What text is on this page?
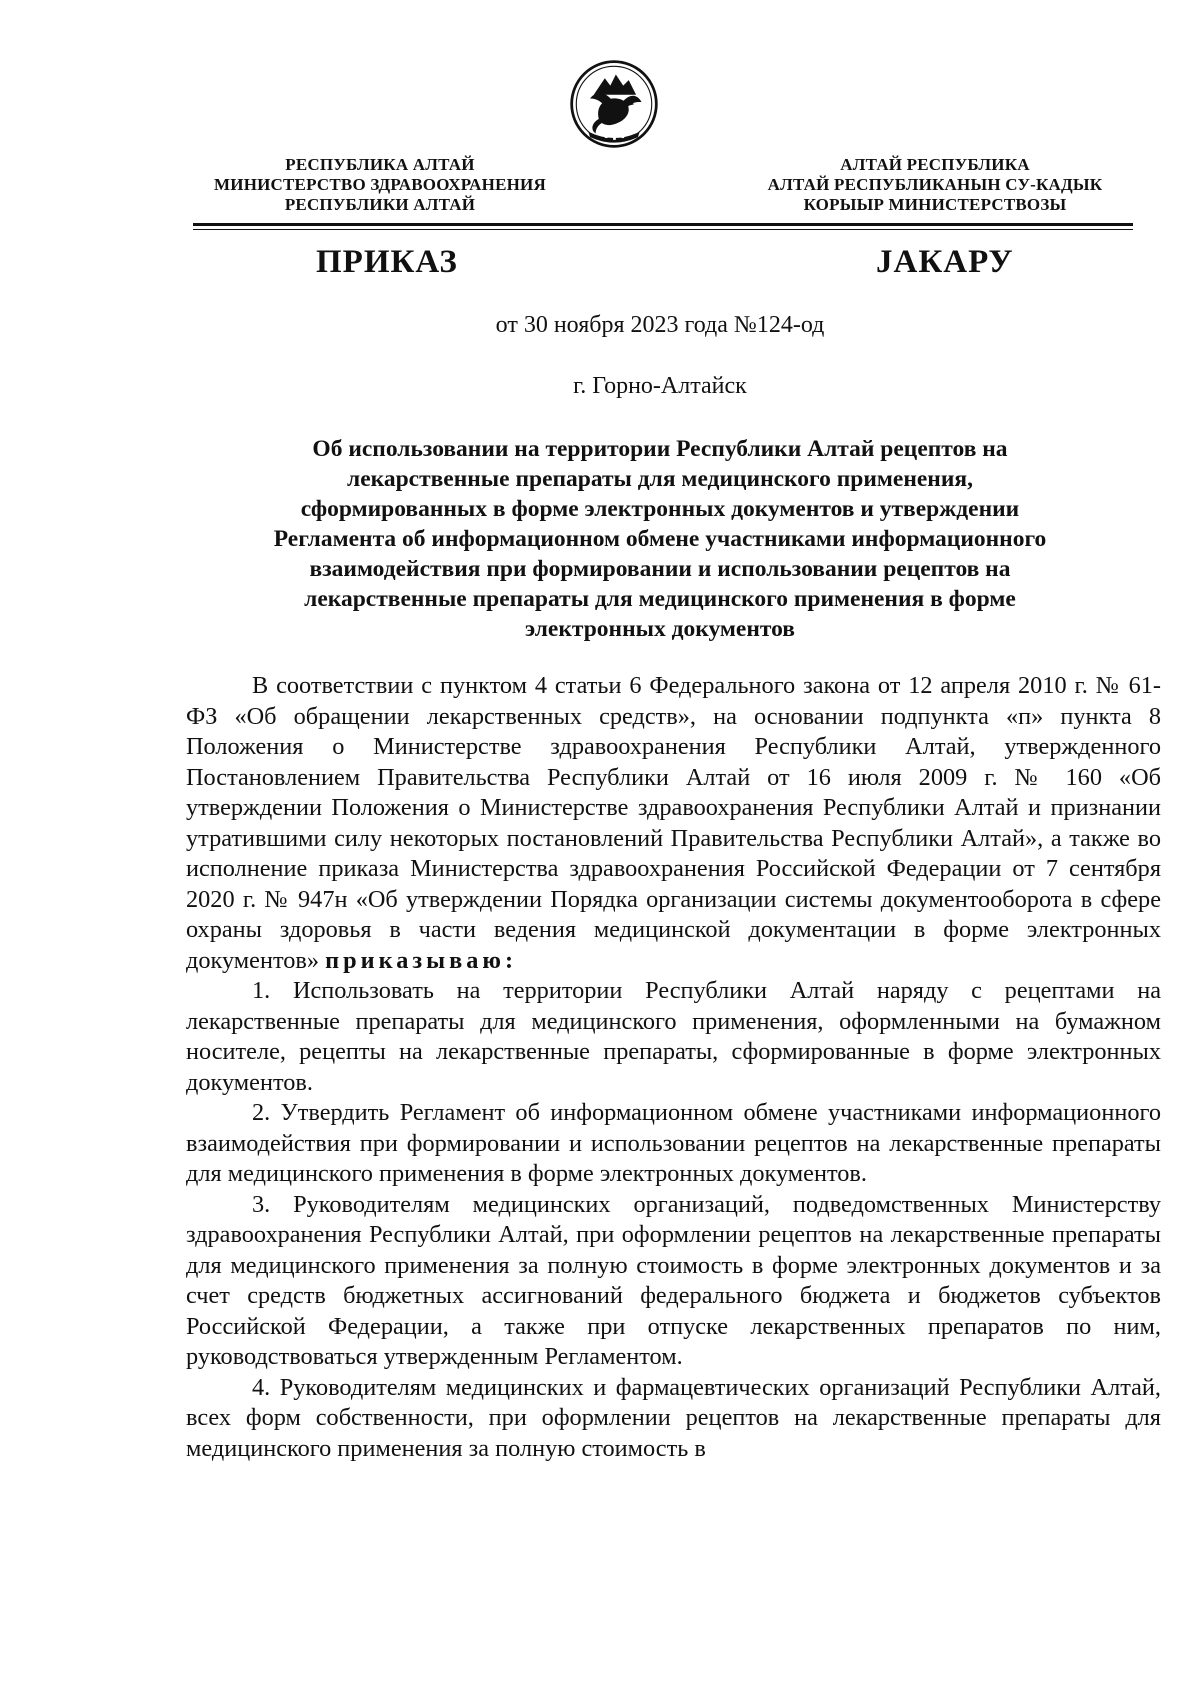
РЕСПУБЛИКА АЛТАЙ
МИНИСТЕРСТВО ЗДРАВООХРАНЕНИЯ
РЕСПУБЛИКИ АЛТАЙ
АЛТАЙ РЕСПУБЛИКА
АЛТАЙ РЕСПУБЛИКАНЫН СУ-КАДЫК
КОРЫЫР МИНИСТЕРСТВОЗЫ
ПРИКАЗ	JАКАРУ
от 30 ноября 2023 года №124-од
г. Горно-Алтайск
Об использовании на территории Республики Алтай рецептов на
лекарственные препараты для медицинского применения,
сформированных в форме электронных документов и утверждении
Регламента об информационном обмене участниками информационного
взаимодействия при формировании и использовании рецептов на
лекарственные препараты для медицинского применения в форме
электронных документов

В соответствии с пунктом 4 статьи 6 Федерального закона от 12 апреля 2010 г. № 61-ФЗ «Об обращении лекарственных средств», на основании подпункта «п» пункта 8 Положения о Министерстве здравоохранения Республики Алтай, утвержденного Постановлением Правительства Республики Алтай от 16 июля 2009 г. № 160 «Об утверждении Положения о Министерстве здравоохранения Республики Алтай и признании утратившими силу некоторых постановлений Правительства Республики Алтай», а также во исполнение приказа Министерства здравоохранения Российской Федерации от 7 сентября 2020 г. № 947н «Об утверждении Порядка организации системы документооборота в сфере охраны здоровья в части ведения медицинской документации в форме электронных документов» приказываю:

1. Использовать на территории Республики Алтай наряду с рецептами на лекарственные препараты для медицинского применения, оформленными на бумажном носителе, рецепты на лекарственные препараты, сформированные в форме электронных документов.

2. Утвердить Регламент об информационном обмене участниками информационного взаимодействия при формировании и использовании рецептов на лекарственные препараты для медицинского применения в форме электронных документов.

3. Руководителям медицинских организаций, подведомственных Министерству здравоохранения Республики Алтай, при оформлении рецептов на лекарственные препараты для медицинского применения за полную стоимость в форме электронных документов и за счет средств бюджетных ассигнований федерального бюджета и бюджетов субъектов Российской Федерации, а также при отпуске лекарственных препаратов по ним, руководствоваться утвержденным Регламентом.

4. Руководителям медицинских и фармацевтических организаций Республики Алтай, всех форм собственности, при оформлении рецептов на лекарственные препараты для медицинского применения за полную стоимость в
